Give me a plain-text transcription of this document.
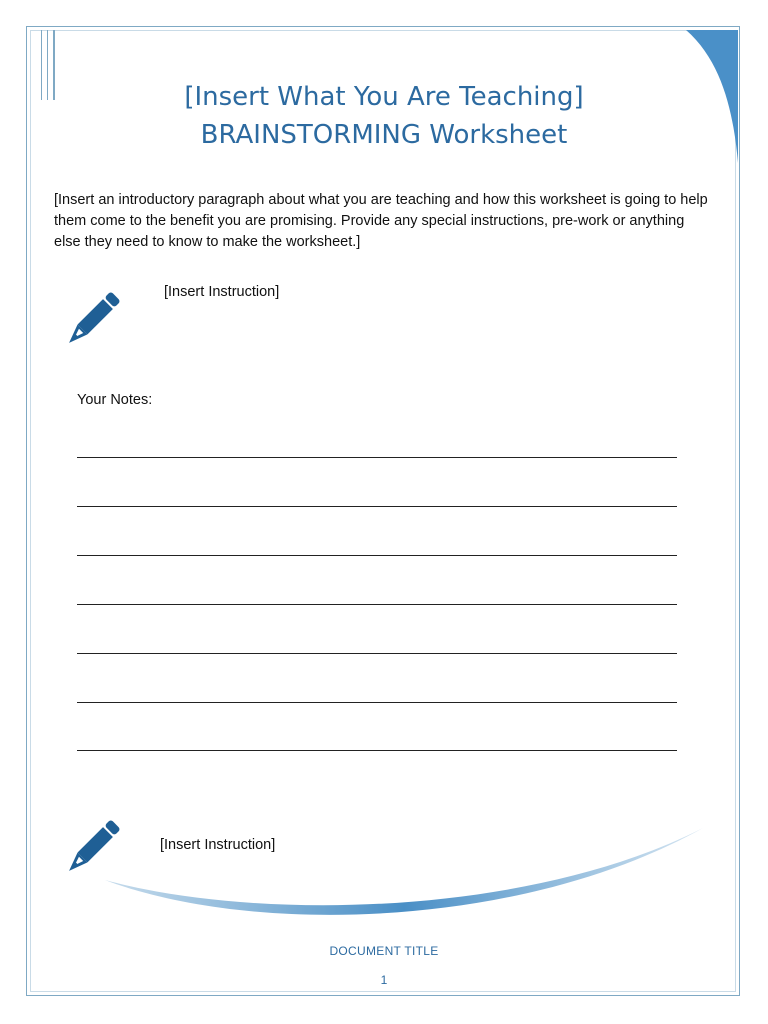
[Insert What You Are Teaching]
BRAINSTORMING Worksheet

[Insert an introductory paragraph about what you are teaching and how this worksheet is going to help them come to the benefit you are promising. Provide any special instructions, pre-work or anything else they need to know to make the worksheet.]

[Insert Instruction]
Your Notes:
[Insert Instruction]
DOCUMENT TITLE
1
